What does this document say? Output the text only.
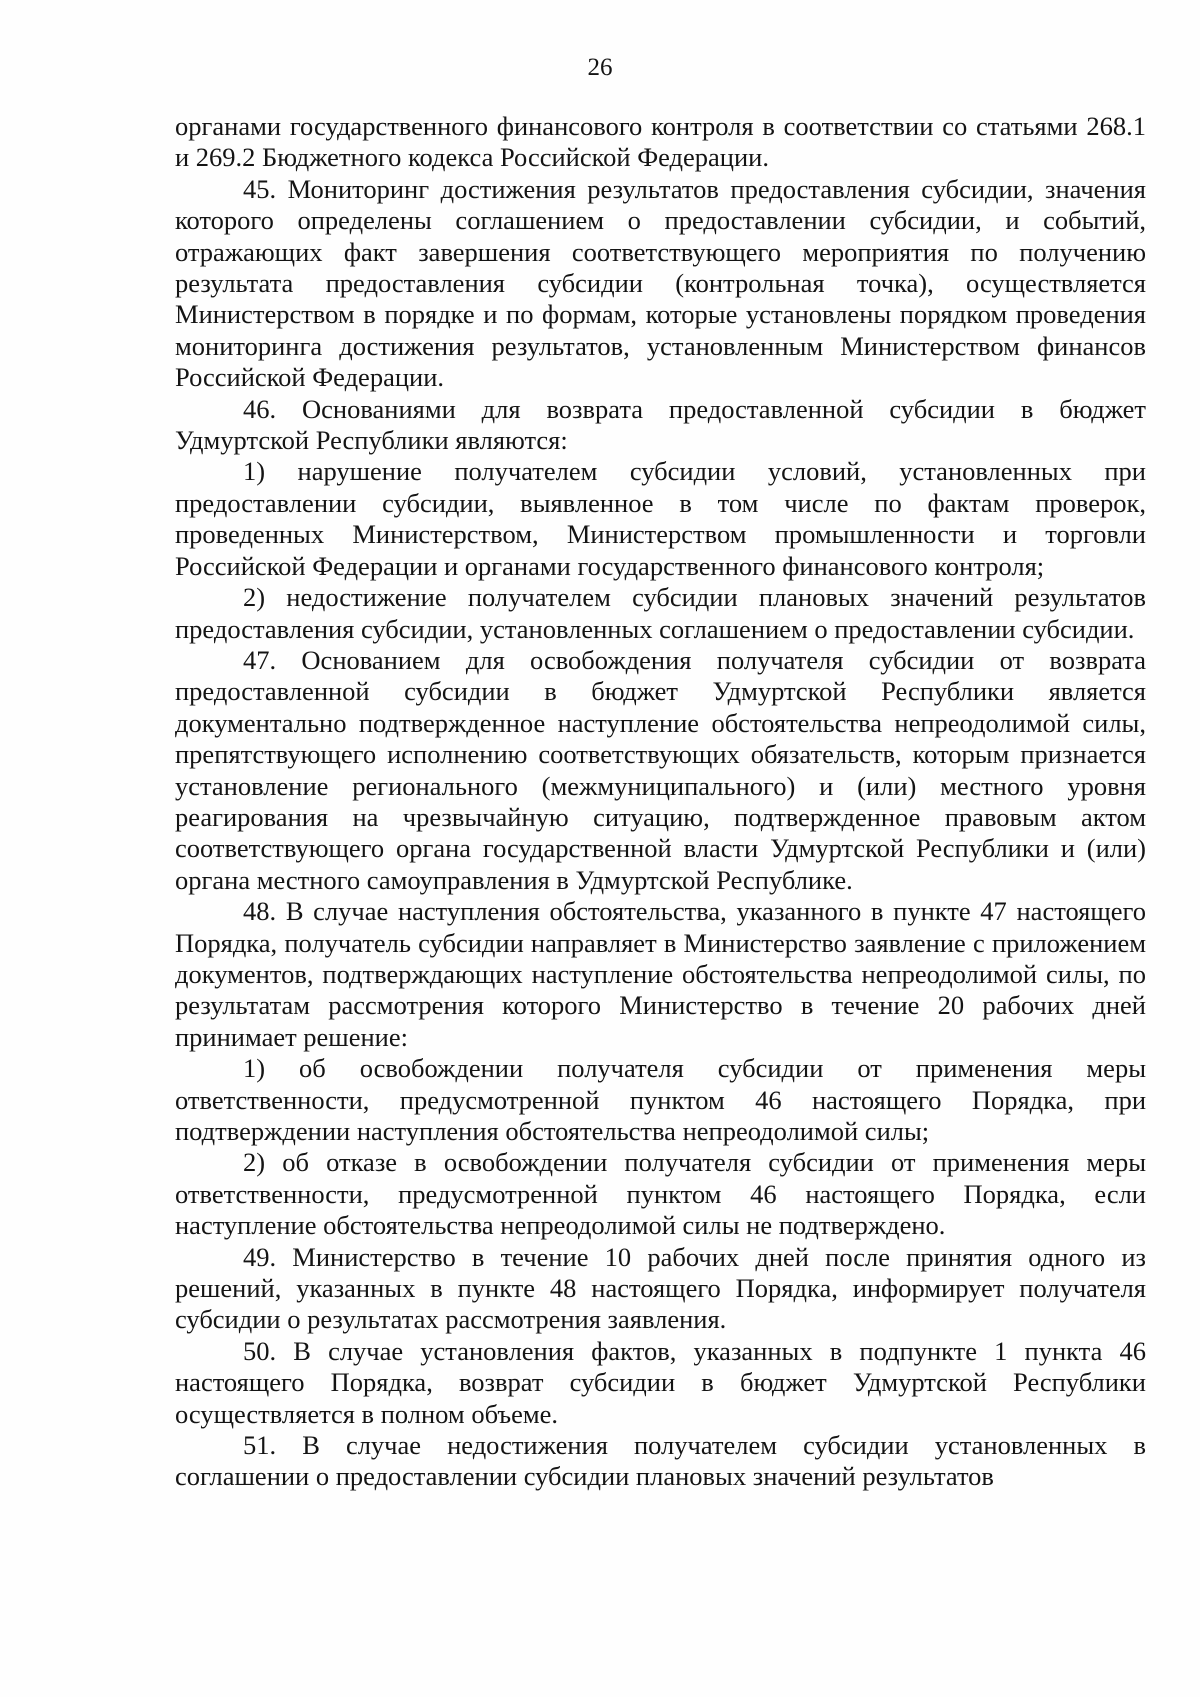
26

органами государственного финансового контроля в соответствии со статьями 268.1 и 269.2 Бюджетного кодекса Российской Федерации.

45. Мониторинг достижения результатов предоставления субсидии, значения которого определены соглашением о предоставлении субсидии, и событий, отражающих факт завершения соответствующего мероприятия по получению результата предоставления субсидии (контрольная точка), осуществляется Министерством в порядке и по формам, которые установлены порядком проведения мониторинга достижения результатов, установленным Министерством финансов Российской Федерации.

46. Основаниями для возврата предоставленной субсидии в бюджет Удмуртской Республики являются:

1) нарушение получателем субсидии условий, установленных при предоставлении субсидии, выявленное в том числе по фактам проверок, проведенных Министерством, Министерством промышленности и торговли Российской Федерации и органами государственного финансового контроля;

2) недостижение получателем субсидии плановых значений результатов предоставления субсидии, установленных соглашением о предоставлении субсидии.

47. Основанием для освобождения получателя субсидии от возврата предоставленной субсидии в бюджет Удмуртской Республики является документально подтвержденное наступление обстоятельства непреодолимой силы, препятствующего исполнению соответствующих обязательств, которым признается установление регионального (межмуниципального) и (или) местного уровня реагирования на чрезвычайную ситуацию, подтвержденное правовым актом соответствующего органа государственной власти Удмуртской Республики и (или) органа местного самоуправления в Удмуртской Республике.

48. В случае наступления обстоятельства, указанного в пункте 47 настоящего Порядка, получатель субсидии направляет в Министерство заявление с приложением документов, подтверждающих наступление обстоятельства непреодолимой силы, по результатам рассмотрения которого Министерство в течение 20 рабочих дней принимает решение:

1) об освобождении получателя субсидии от применения меры ответственности, предусмотренной пунктом 46 настоящего Порядка, при подтверждении наступления обстоятельства непреодолимой силы;

2) об отказе в освобождении получателя субсидии от применения меры ответственности, предусмотренной пунктом 46 настоящего Порядка, если наступление обстоятельства непреодолимой силы не подтверждено.

49. Министерство в течение 10 рабочих дней после принятия одного из решений, указанных в пункте 48 настоящего Порядка, информирует получателя субсидии о результатах рассмотрения заявления.

50. В случае установления фактов, указанных в подпункте 1 пункта 46 настоящего Порядка, возврат субсидии в бюджет Удмуртской Республики осуществляется в полном объеме.

51. В случае недостижения получателем субсидии установленных в соглашении о предоставлении субсидии плановых значений результатов
